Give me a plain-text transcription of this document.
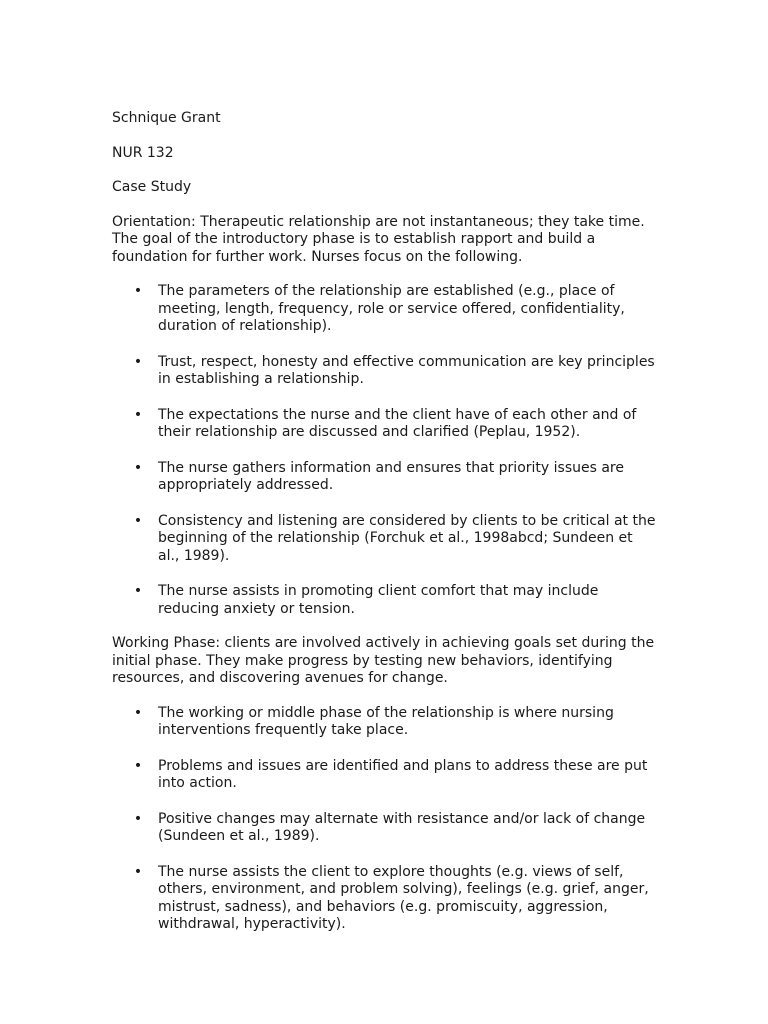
Schnique Grant

NUR 132

Case Study

Orientation: Therapeutic relationship are not instantaneous; they take time. The goal of the introductory phase is to establish rapport and build a foundation for further work. Nurses focus on the following.

• The parameters of the relationship are established (e.g., place of meeting, length, frequency, role or service offered, confidentiality, duration of relationship).
• Trust, respect, honesty and effective communication are key principles in establishing a relationship.
• The expectations the nurse and the client have of each other and of their relationship are discussed and clarified (Peplau, 1952).
• The nurse gathers information and ensures that priority issues are appropriately addressed.
• Consistency and listening are considered by clients to be critical at the beginning of the relationship (Forchuk et al., 1998abcd; Sundeen et al., 1989).
• The nurse assists in promoting client comfort that may include reducing anxiety or tension.

Working Phase: clients are involved actively in achieving goals set during the initial phase. They make progress by testing new behaviors, identifying resources, and discovering avenues for change.

• The working or middle phase of the relationship is where nursing interventions frequently take place.
• Problems and issues are identified and plans to address these are put into action.
• Positive changes may alternate with resistance and/or lack of change (Sundeen et al., 1989).
• The nurse assists the client to explore thoughts (e.g. views of self, others, environment, and problem solving), feelings (e.g. grief, anger, mistrust, sadness), and behaviors (e.g. promiscuity, aggression, withdrawal, hyperactivity).
